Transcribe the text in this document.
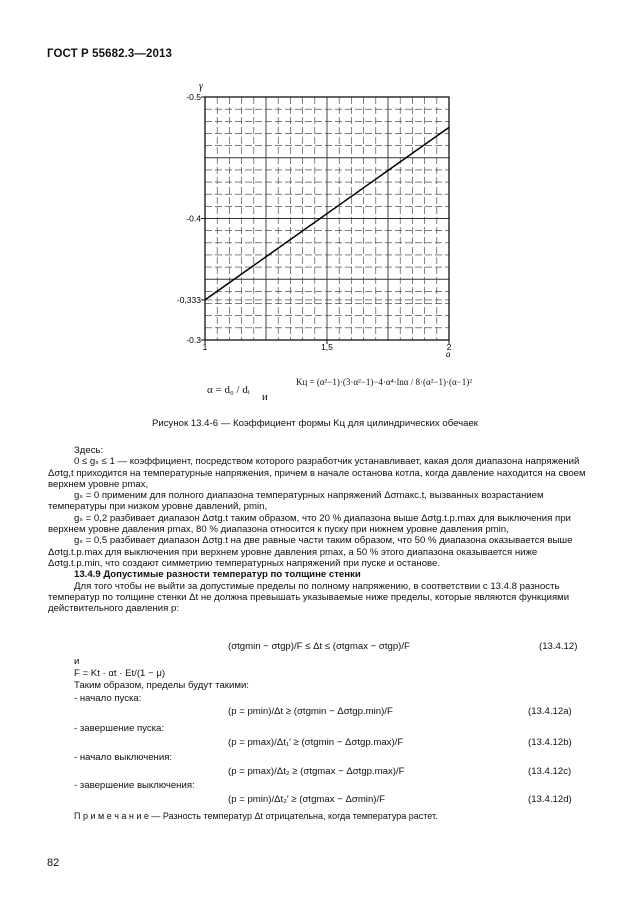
ГОСТ Р 55682.3—2013
1	1,5	2
-0.5
-0.4
-0,333
-0.3
γ
a
α = d₀ / dᵢ
и
Kц = (α²−1)·(3·α²−1)−4·α⁴·lnα / 8·(α²−1)·(α−1)²
Рисунок 13.4-6 — Коэффициент формы Kц для цилиндрических обечаек

Здесь:

0 ≤ gₛ ≤ 1 — коэффициент, посредством которого разработчик устанавливает, какая доля диапазона напряжений Δσtg,t приходится на температурные напряжения, причем в начале останова котла, когда давление находится на своем верхнем уровне pmax,

gₛ = 0 применим для полного диапазона температурных напряжений Δσmaкс.t, вызванных возрастанием температуры при низком уровне давлений, pmin,

gₛ = 0,2 разбивает диапазон Δσtg.t таким образом, что 20 % диапазона выше Δσtg.t.p.max для выключения при верхнем уровне давления pmax, 80 % диапазона относится к пуску при нижнем уровне давления pmin,

gₛ = 0,5 разбивает диапазон Δσtg.t на две равные части таким образом, что 50 % диапазона оказывается выше Δσtg.t.p.max для выключения при верхнем уровне давления pmax, а 50 % этого диапазона оказывается ниже Δσtg.t.p.min, что создают симметрию температурных напряжений при пуске и останове.

13.4.9 Допустимые разности температур по толщине стенки

Для того чтобы не выйти за допустимые пределы по полному напряжению, в соответствии с 13.4.8 разность температур по толщине стенки Δt не должна превышать указываемые ниже пределы, которые являются функциями действительного давления p:

(σtgmin − σtgp)/F ≤ Δt ≤ (σtgmax − σtgp)/F	(13.4.12)
и
F = Kt · αt · Et/(1 − μ)
Таким образом, пределы будут такими:
- начало пуска:
(p = pmin)/Δt ≥ (σtgmin − Δσtgp.min)/F	(13.4.12a)
- завершение пуска:
(p = pmax)/Δt₁′ ≥ (σtgmin − Δσtgp.max)/F	(13.4.12b)
- начало выключения:
(p = pmax)/Δt₂ ≥ (σtgmax − Δσtgp.max)/F	(13.4.12c)
- завершение выключения:
(p = pmin)/Δt₂′ ≥ (σtgmax − Δσmin)/F	(13.4.12d)
П р и м е ч а н и е — Разность температур Δt отрицательна, когда температура растет.
82
